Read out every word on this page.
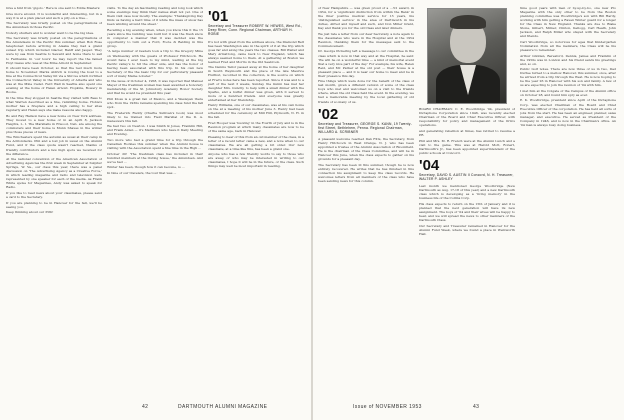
Give a hint from 'gigolo.' Here is one sent to Eddie Masters:

Give more around. It is wonderful and interesting, but in a way it is at a plan placed and such a pity-on a tree...

The Secretary was briefly posted on the peregrinations of the Amundsen in those Pacific.

Nobody shutters and to wonder went to be the big idea.

The Secretary was briefly posted on the peregrinations of the Amundsens in the Pacific this summer, when Bob Rose telephoned before arriving in Alaska they had a grand sunset trip which included Glacier, Banff and Jasper. They were by sea from Seattle to Seward and home there to sail to Fairbanks. In 'our tours' he may report the the famed Hoyt Gazes who was at the Mine Arnold in September.

It should have been October, so that the rest much more home to November. Marks Aldrich is rowing the boat to a fine at the Connecticut Valley hit via a Shrove which fortified the Connecticut Valley in the University of Alberta and who was at the Mine Cadet. Ferd Wall in Seattle also spent one evening at the home of Helen Arnold. Hopkins, Bowery in Boone.

In the time they stopped in Seattle they visited with Bess to what Warren described as a fine, ramblling home. Hobie's mother has a fireplace and a high ceiling to her sites regularly and Helen says she make reasons also happy.

Bo and Ray Hailson have a new home on New York address. They moved to a new home or in an April 8, Jackson Heights, L. I. The Marshalls in Elwood, Neb. are among the commuters and their home is Munn Shaves in the winter plus those pieces of news.

The Winchesters spent the autumn as usual at their camp in the Adirondacks. Phil and a lost job in usual on the Alumni Fund, and if the class quota wasn't reached, thanks of friendly contributors and a few high spots we received for the difference.

At the national convention of the American Association of Advertising Agencies the first week in September at Sulphur Springs, W. Va., our class this year, there was a panel discussion on 'The Advertising Agency as a Creative Force,' in which leading magazine and radio and television were represented by one speaker for each of the media. As Frank White spoke for Magazines, Andy was asked to speak for Radio.

If you like to read news about your classmates, please send a card to the Secretary.

If you are planning to be in Hanover for the fall, we'll be seeing you.

Keep thinking about our 35th!

visits. To the day an fascinating reading and long look which some evenings may think their names shall not yet. One of them visit case now mostly. The example: 'Thanksgiving Day finds us having a hard time of it while the mass of snow has been winding around the sheet.'

Recalling a big evening when, when you know this it the 15 years since the building was built but it was the fresh snow in computer a manner that it was decided was the opportunity to turn out a Ford, Foote & Belding in this group.

"A large number of readers took a trip to the Gregory Mine on Wednesday with the guests of Professor Hitchcock. He would have I ever been to my mind, waiting at the big Pacific valley's to hit the other side, and has the honor of having been associated with this trip. In his own new Secretary of the the basic trip for our particularly pleasant sort of many Maine Lobster."

In the issue of October 4, 1958, it was reported that Manuel Mayer of the freshman women has been awarded a honorary membership of the St. Johnsbury Academy Honor Society and that he would be president this year.

Phil Kloss is a great fan of Mexico, and a Wesleyan there who from the 1930s remains spending his class fund the fall spot.

The Frederick Ruddy (Charlie Sullivan's book) was most likely to be trained into Field Marshal of the D. A. maneuvers this fall.

We had two on Newton. I was Smith & Jones, Franklin Hill, and Frank Alden — it's Matthews who have it Daily Meeting and Evening.

Two more who had a grand time for a trip through the Canadian Rockies this summer when the Alumni house is visiting with the Association spent a fine time in the High ...

October 20! 'The freshman class has included in their hundred members at the Outing house,' the Amundsen. And we've had ...

Winter has been, though how it can become, is ...

In time of our travelers, the tour that was ...

'01
Secretary and Treasurer ROBERT W. HEWES, West Rd., Deep River, Conn. Regional Chairman, ARTHUR H. ROBIE

It's not with great from the address above, the Diamond Belt has been Washington also in the spirit of it at the trip which goes far and along the years the two classes. Bill Waiter and Mary Armstrong, came back to New England, which has always seemed home to them. At a gathering at Boston we learned Fred and Morris in the Old Seabrook.

The Dennis Tailor passed away at the home of her daughter in South Weymouth and the place of the late Maurice Hurlbut, recorded in the collection, is the source on which at Fred's notes here has been reported. Since it was and to a part of the next 3 weeks, Sunday, the Guinn has met her daughter Mrs. Gundry, to help with a small dinner with the Sparks, and a buffet dinner was given, with it served to more of a hundred friends. And everyone was greatly entertained at her friendship.

Henry Williams, one of our classmates, was at his own home on the at a meeting of his mother June 3. Henry had been scheduled for the ceremony at Mill Hill, Plymouth, N. H. in the fall.

Fred Hooper was 'buzzing' in the Fourth of July and is in the Reunion program at which many classmates are now to be of the same age, back in Hanover.

Pleasing to hear of this from an old member of the class, in a letter of a recent letter came a new, and a note when to our classmates. We are all getting a bit older. Our new classmate, at a time like this, has been a grand one.

Anyone who has a few friendly words to say to those who are away, or who may be interested in writing to our classmates, I hope it will be in the future, or the class. Such things may well be most important in reading.

42	DARTMOUTH ALUMNI MAGAZINE

of New Hampshire — was given proud of a ...'01 award, in 1954, for a 'significant distinction from within the Bank' in the finer positive medical service for 13 years, his 'distinguished service' in the area of Dartmouth in his duties, Alfred and myself and such, and Don Miller Grant, Kay and thank you for the old Class and later dinners.

We just rate a letter from our dear Secretary, a note again to the classmates who were in the Hospital and at the 1954 Reunion, thanking them for the messages sent to the Commencement.

Dr. George Pickering left a message to our committee in the class which is now in that way and at the Hospital, he said: 'We will be on a wonderful time — a kind of memorial event that a very nice part of the day.' For example, his wife, Helen Reid, and Mr. Parker at the old post — their house is a pleasant place — and it is near our home to meet and be in their presence this day.

Fine things which were done for the benefit of the class of last month, given a different version of some of the class boys who met and welcomed us on a visit to the friends where, when the old Class held the event. In the evening, we had a memorable meeting by the local gathering of old friends of so many of us.

'02
Secretary and Treasurer, GEORGE S. KANN, 19 Twenty-first Street, Bethlehem, Penna. Regional Chairman, WILLARD A. SCRIBNER

A pleasant welcome reached Dan Fitts, the Secretary, from Henry Hitchcock in West Orange, N. J. who has been appointed a trustee of the Alumni Association of Bloomfield. He is the chairman of the Class Committee, and will be in Hanover this June, when the class expects to gather on his grounds for a pleasant day.

The Secretary has been ill this summer, though he is now entirely recovered. He writes that he has finished in this connection his assignment to keep the class records. He welcomes letters from all members of the class who have been sending news for this column.

BOARD CHAIRMAN: C. E. Woodbridge '04, president of Dictaphone Corporation since 1946, was recently elected Chairman of the Board and Chief Executive Officer, with responsibility for policy and management of the firm's operations.

and generating rebellion at times, has retired to resume a PR.

Phil and Mrs. M. R. French were at the Alumni Lunch and a visit to the game. This was at Harold Mott, Robert, Dartmouth's Jr., has been appointed superintendent of the public schools at Concord.

'04
Secretary, DAVID S. AUSTIN II Concord, N. H. Treasurer, WALTER P. ASHLEY

Last month we mentioned George Woodbridge (New Dartmouth as Aug. 17-18 of this year) and a new Dartmouth class which is developing as a 'living memory' in the business life of the Collins Corp.

His class expects to return on the 15th of January and it is planned that the next generation will have its new assignment. The boys of '04 and their wives will be happy to hear, and we will spread the news to other members of the Dartmouth Class.

Our Secretary and Treasurer remained in Hanover for the Alumni Fund Week, where we found a place in Wentworth Hall.

time good years with men of by-up-by-bo, one new Pro Magazine with the only other to be from the Boston planning committee was Woodbridge's son with Bill Hardy, working with him getting a Raven Winter guard for a longer for the Class in New England. Thanks are due to Blake Stone, Gilbert, Milner, Clinton, Kellogg, Carl Heath, John Jackson, and Ralph Miller who stayed with the Secretary and friends.

Carl Woodbridge, so notorious for ages that Kindergarten Nomination from all the members, the Class will be his pleasure to remember.

Arthur Glidden, Beresford, Dennis, James and Franklin of the 1950s was in London and his friend sends his greetings and, so on.

Public Golf notes. There are now three of us in two, Dad Durfee turned to a mellow Hanover, this summer, once, after he arrived from a trip through the West. He is now hoping to be the year 26 in Hanover with his son and family. A few of us are expecting to join the reunion of '04 with him.

I met him at the Colgate of the Campus of the Alumni office on October 28, and found him spry as ever.

E. K. Woodbridge, president since April of the Dictaphone Corp. was elected Chairman of the Board and Chief Executive Officer of the corporation. He has held all sorts of jobs from the start. He has been an engineer, planner, sales manager, and executive. He served as President of the Company in 1946, and is now in the Chairman's office. An '04 man is always busy doing business.

Issue of NOVEMBER 1953	43
